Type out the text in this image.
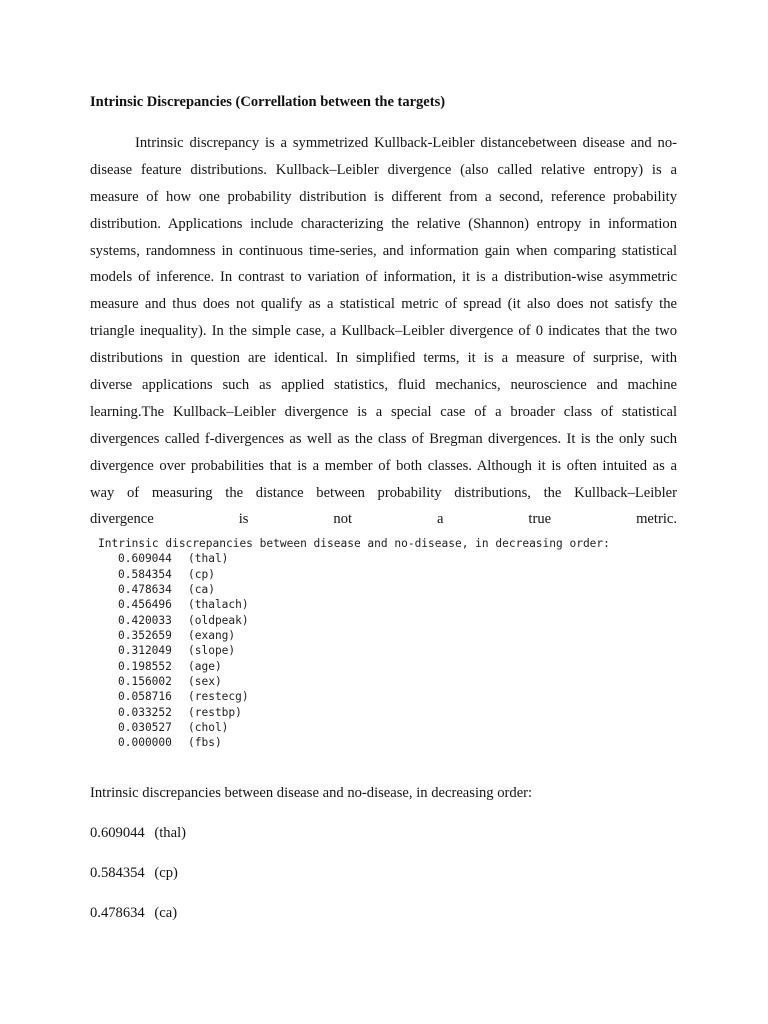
Intrinsic Discrepancies (Correllation between the targets)
Intrinsic discrepancy is a symmetrized Kullback-Leibler distancebetween disease and no-
disease feature distributions. Kullback–Leibler divergence (also called relative entropy) is a
measure of how one probability distribution is different from a second, reference probability
distribution. Applications include characterizing the relative (Shannon) entropy in information
systems, randomness in continuous time-series, and information gain when comparing statistical
models of inference. In contrast to variation of information, it is a distribution-wise asymmetric
measure and thus does not qualify as a statistical metric of spread (it also does not satisfy the
triangle inequality). In the simple case, a Kullback–Leibler divergence of 0 indicates that the two
distributions in question are identical. In simplified terms, it is a measure of surprise, with
diverse applications such as applied statistics, fluid mechanics, neuroscience and machine
learning.The Kullback–Leibler divergence is a special case of a broader class of statistical
divergences called f-divergences as well as the class of Bregman divergences. It is the only such
divergence over probabilities that is a member of both classes. Although it is often intuited as a
way of measuring the distance between probability distributions, the Kullback–Leibler
divergence is not a true metric.
Intrinsic discrepancies between disease and no-disease, in decreasing order:
0.609044 (thal)
0.584354 (cp)
0.478634 (ca)
0.456496 (thalach)
0.420033 (oldpeak)
0.352659 (exang)
0.312049 (slope)
0.198552 (age)
0.156002 (sex)
0.058716 (restecg)
0.033252 (restbp)
0.030527 (chol)
0.000000 (fbs)
Intrinsic discrepancies between disease and no-disease, in decreasing order:
0.609044 (thal)
0.584354 (cp)
0.478634 (ca)
